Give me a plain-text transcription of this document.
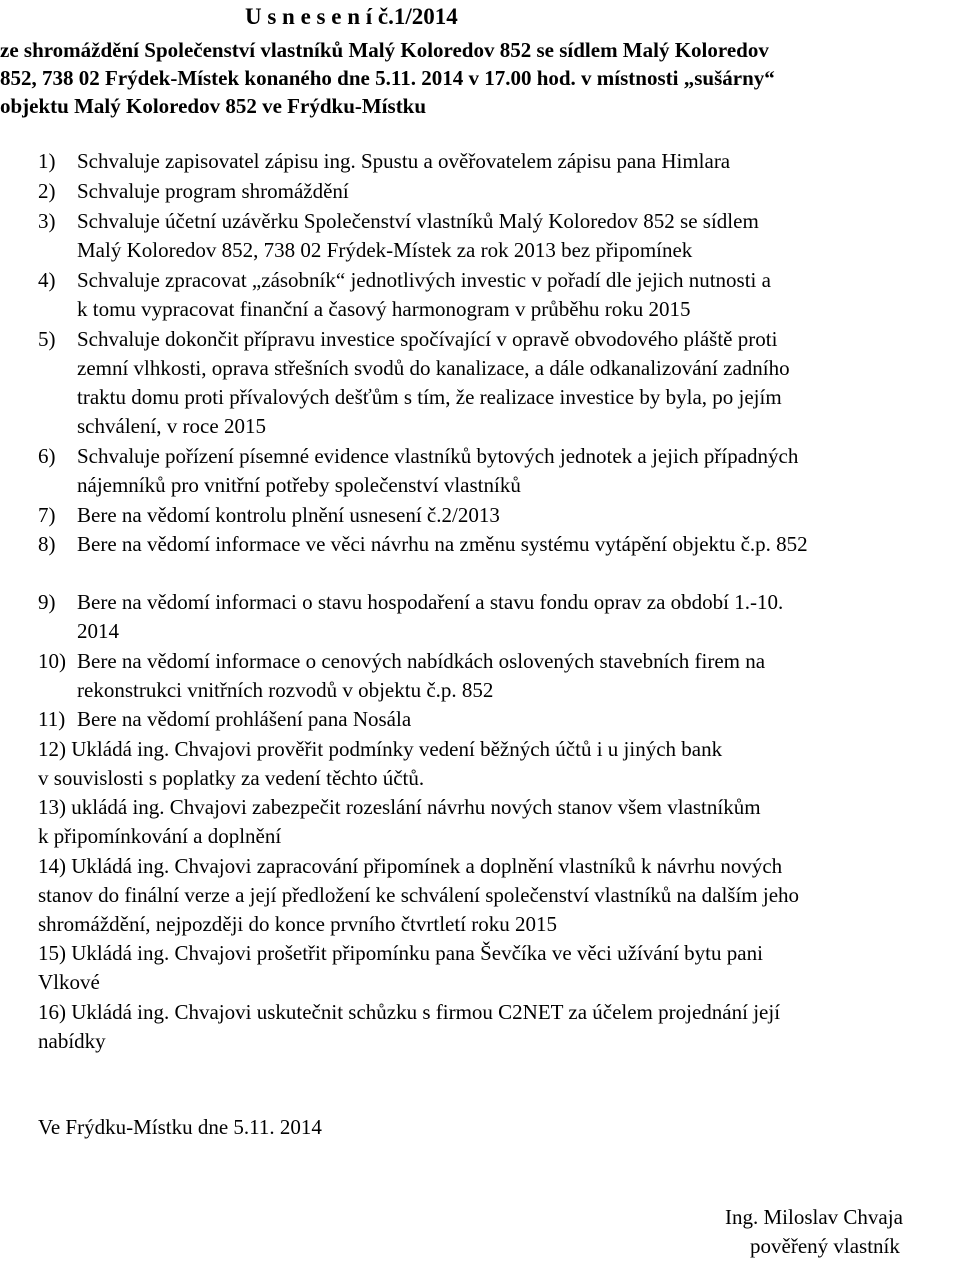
U s n e s e n í č.1/2014
ze shromáždění Společenství vlastníků Malý Koloredov 852 se sídlem Malý Koloredov
852, 738 02 Frýdek-Místek konaného dne 5.11. 2014 v 17.00 hod. v místnosti „sušárny“
objektu Malý Koloredov 852 ve Frýdku-Místku
1) Schvaluje zapisovatel zápisu ing. Spustu a ověřovatelem zápisu pana Himlara
2) Schvaluje program shromáždění
3) Schvaluje účetní uzávěrku Společenství vlastníků Malý Koloredov 852 se sídlem
Malý Koloredov 852, 738 02 Frýdek-Místek za rok 2013 bez připomínek
4) Schvaluje zpracovat „zásobník“ jednotlivých investic v pořadí dle jejich nutnosti a
k tomu vypracovat finanční a časový harmonogram v průběhu roku 2015
5) Schvaluje dokončit přípravu investice spočívající v opravě obvodového pláště proti
zemní vlhkosti, oprava střešních svodů do kanalizace, a dále odkanalizování zadního
traktu domu proti přívalových dešťům s tím, že realizace investice by byla, po jejím
schválení, v roce 2015
6) Schvaluje pořízení písemné evidence vlastníků bytových jednotek a jejich případných
nájemníků pro vnitřní potřeby společenství vlastníků
7) Bere na vědomí kontrolu plnění usnesení č.2/2013
8) Bere na vědomí informace ve věci návrhu na změnu systému vytápění objektu č.p. 852
9) Bere na vědomí informaci o stavu hospodaření a stavu fondu oprav za období 1.-10.
2014
10) Bere na vědomí informace o cenových nabídkách oslovených stavebních firem na
rekonstrukci vnitřních rozvodů v objektu č.p. 852
11) Bere na vědomí prohlášení pana Nosála
12) Ukládá ing. Chvajovi prověřit podmínky vedení běžných účtů i u jiných bank
v souvislosti s poplatky za vedení těchto účtů.
13) ukládá ing. Chvajovi zabezpečit rozeslání návrhu nových stanov všem vlastníkům
k připomínkování a doplnění
14) Ukládá ing. Chvajovi zapracování připomínek a doplnění vlastníků k návrhu nových
stanov do finální verze a její předložení ke schválení společenství vlastníků na dalším jeho
shromáždění, nejpozději do konce prvního čtvrtletí roku 2015
15) Ukládá ing. Chvajovi prošetřit připomínku pana Ševčíka ve věci užívání bytu pani
Vlkové
16) Ukládá ing. Chvajovi uskutečnit schůzku s firmou C2NET za účelem projednání její
nabídky
Ve Frýdku-Místku dne 5.11. 2014
Ing. Miloslav Chvaja
pověřený vlastník
